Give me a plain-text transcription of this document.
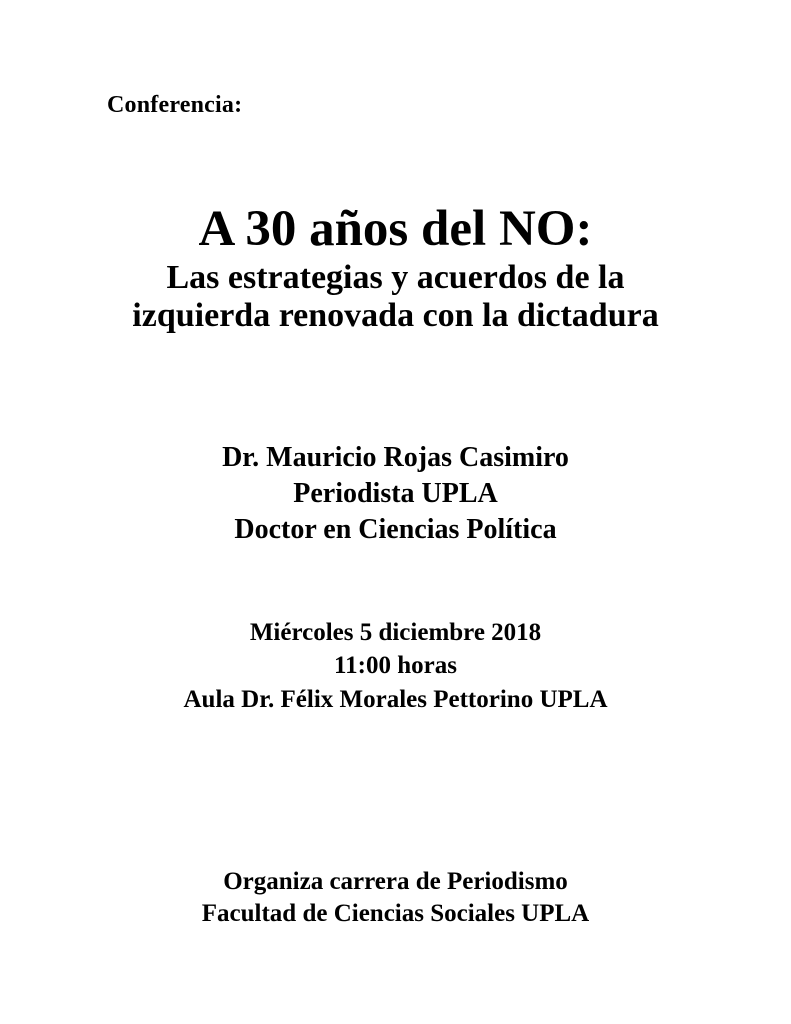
Conferencia:
A 30 años del NO:

Las estrategias y acuerdos de la

izquierda renovada con la dictadura

Dr. Mauricio Rojas Casimiro

Periodista UPLA

Doctor en Ciencias Política

Miércoles 5 diciembre 2018

11:00 horas

Aula Dr. Félix Morales Pettorino UPLA

Organiza carrera de Periodismo

Facultad de Ciencias Sociales UPLA
